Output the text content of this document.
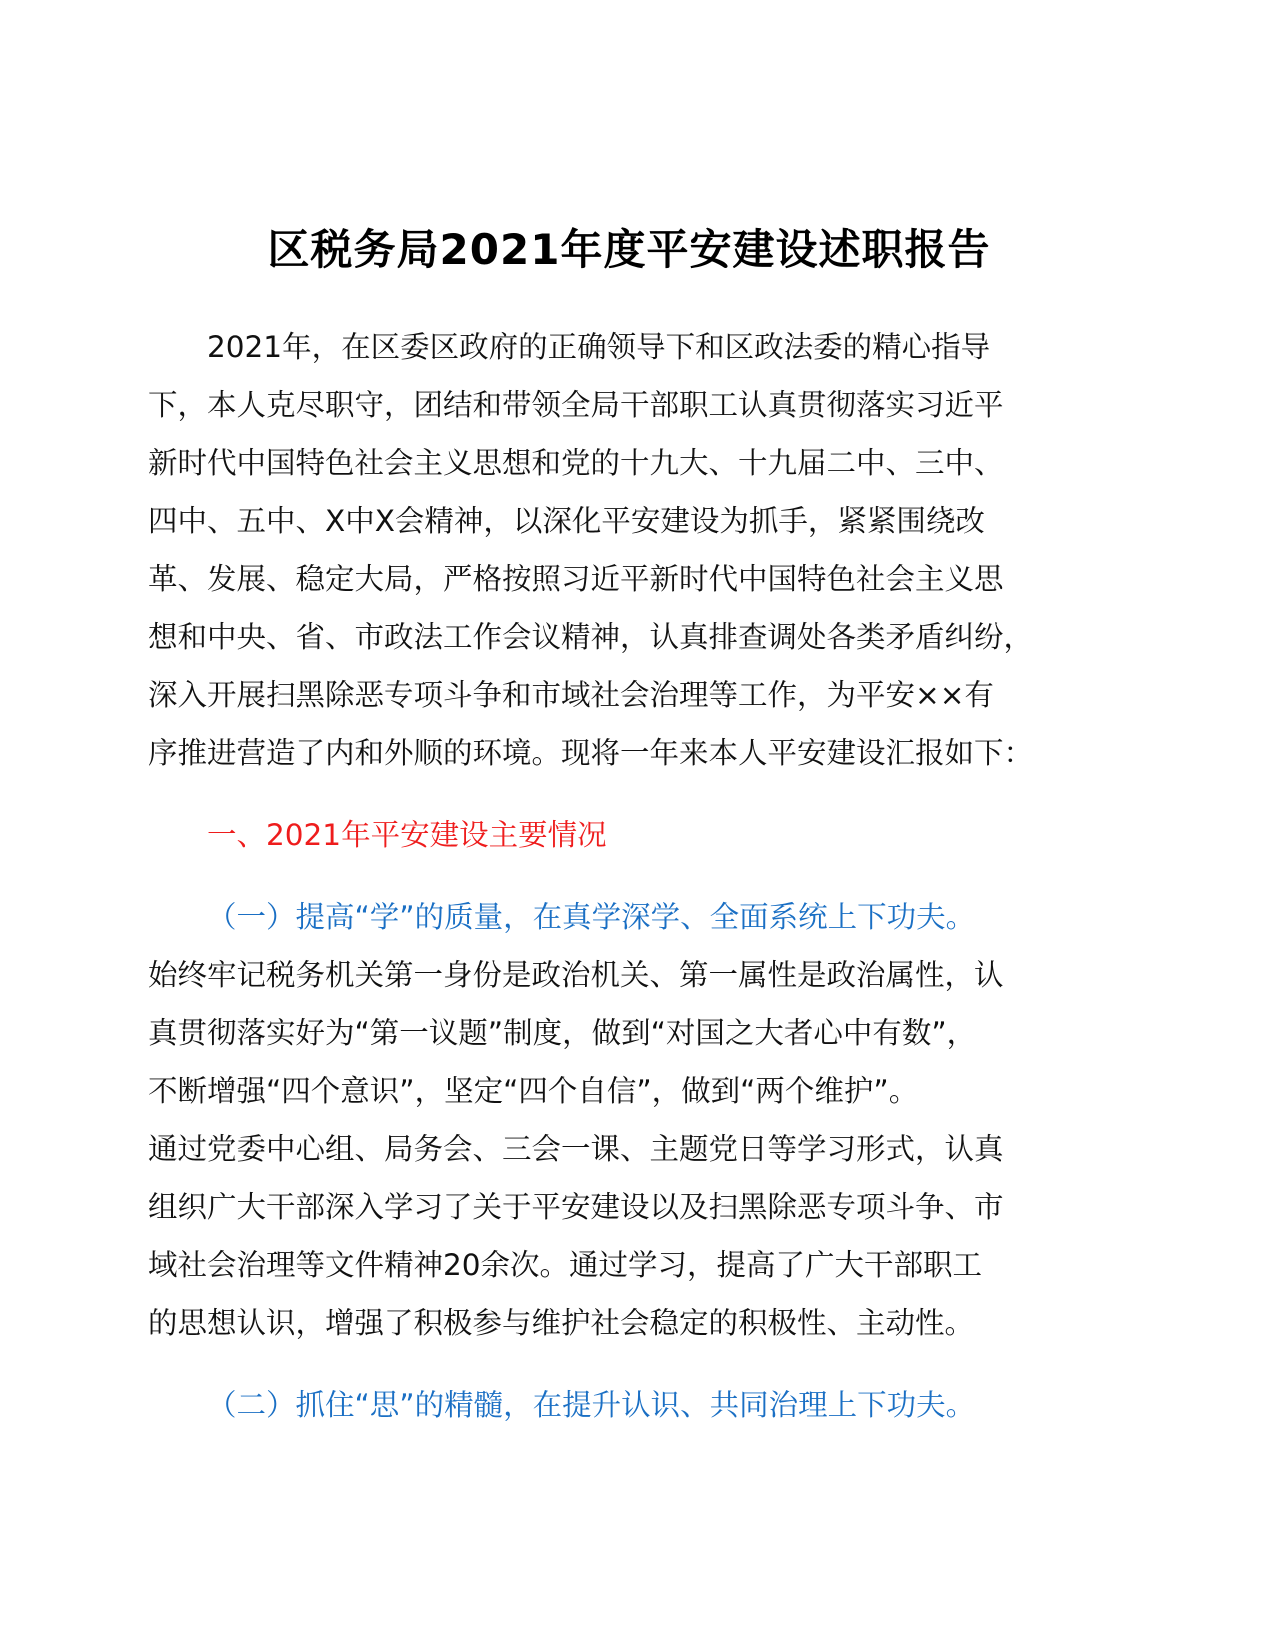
区税务局2021年度平安建设述职报告
2021年，在区委区政府的正确领导下和区政法委的精心指导
下，本人克尽职守，团结和带领全局干部职工认真贯彻落实习近平
新时代中国特色社会主义思想和党的十九大、十九届二中、三中、
四中、五中、X中X会精神，以深化平安建设为抓手，紧紧围绕改
革、发展、稳定大局，严格按照习近平新时代中国特色社会主义思
想和中央、省、市政法工作会议精神，认真排查调处各类矛盾纠纷，
深入开展扫黑除恶专项斗争和市域社会治理等工作，为平安××有
序推进营造了内和外顺的环境。现将一年来本人平安建设汇报如下：

一、2021年平安建设主要情况

（一）提高“学”的质量，在真学深学、全面系统上下功夫。

始终牢记税务机关第一身份是政治机关、第一属性是政治属性，认
真贯彻落实好为“第一议题”制度，做到“对国之大者心中有数”，
不断增强“四个意识”，坚定“四个自信”，做到“两个维护”。
通过党委中心组、局务会、三会一课、主题党日等学习形式，认真
组织广大干部深入学习了关于平安建设以及扫黑除恶专项斗争、市
域社会治理等文件精神20余次。通过学习，提高了广大干部职工
的思想认识，增强了积极参与维护社会稳定的积极性、主动性。

（二）抓住“思”的精髓，在提升认识、共同治理上下功夫。
